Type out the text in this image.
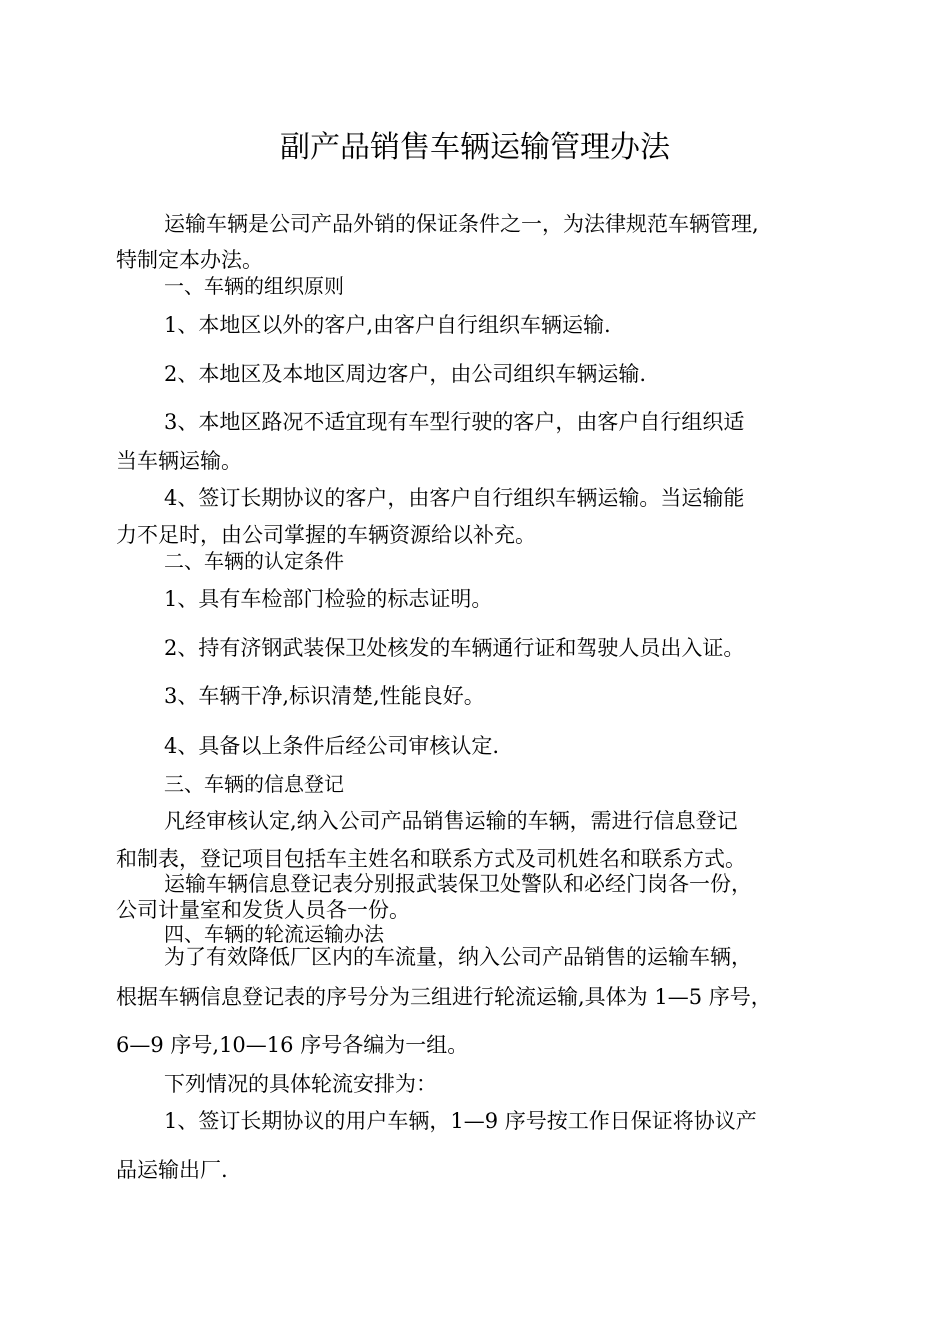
副产品销售车辆运输管理办法
运输车辆是公司产品外销的保证条件之一，为法律规范车辆管理,
特制定本办法。
一、车辆的组织原则
1、本地区以外的客户,由客户自行组织车辆运输.
2、本地区及本地区周边客户，由公司组织车辆运输.
3、本地区路况不适宜现有车型行驶的客户，由客户自行组织适
当车辆运输。
4、签订长期协议的客户，由客户自行组织车辆运输。当运输能
力不足时，由公司掌握的车辆资源给以补充。
二、车辆的认定条件
1、具有车检部门检验的标志证明。
2、持有济钢武装保卫处核发的车辆通行证和驾驶人员出入证。
3、车辆干净,标识清楚,性能良好。
4、具备以上条件后经公司审核认定.
三、车辆的信息登记
凡经审核认定,纳入公司产品销售运输的车辆，需进行信息登记
和制表，登记项目包括车主姓名和联系方式及司机姓名和联系方式。
运输车辆信息登记表分别报武装保卫处警队和必经门岗各一份，
公司计量室和发货人员各一份。
四、车辆的轮流运输办法
为了有效降低厂区内的车流量，纳入公司产品销售的运输车辆，
根据车辆信息登记表的序号分为三组进行轮流运输,具体为 1—5 序号，
6—9 序号,10—16 序号各编为一组。
下列情况的具体轮流安排为：
1、签订长期协议的用户车辆，1—9 序号按工作日保证将协议产
品运输出厂.
